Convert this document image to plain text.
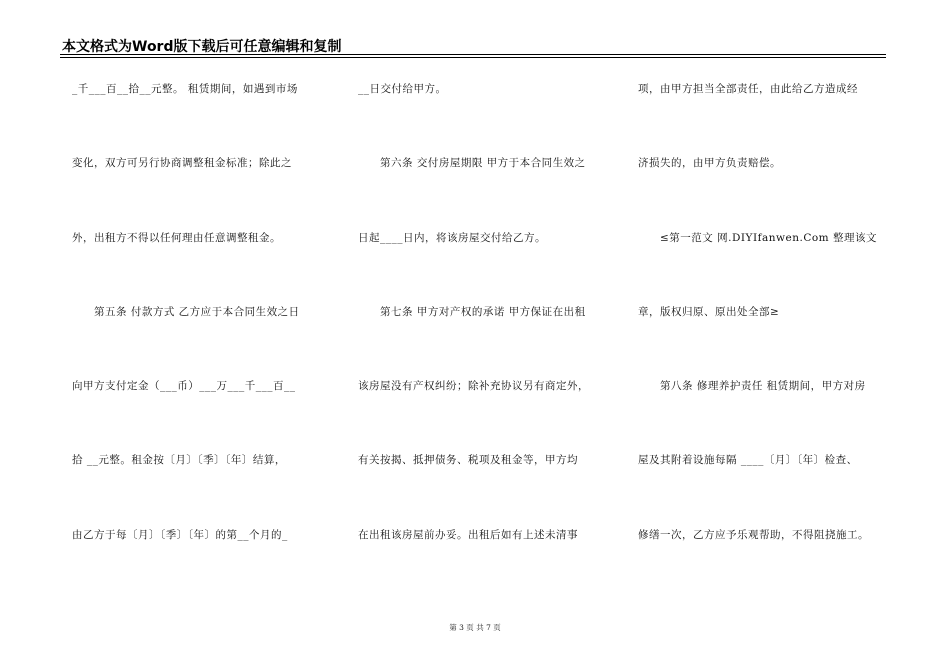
本文格式为Word版下载后可任意编辑和复制
_千___百__拾__元整。 租赁期间，如遇到市场
变化，双方可另行协商调整租金标准；除此之
外，出租方不得以任何理由任意调整租金。
　　第五条 付款方式 乙方应于本合同生效之日
向甲方支付定金（___币）___万___千___百__
拾 __元整。租金按〔月〕〔季〕〔年〕结算，
由乙方于每〔月〕〔季〕〔年〕的第__个月的_
__日交付给甲方。
　　第六条 交付房屋期限 甲方于本合同生效之
日起____日内，将该房屋交付给乙方。
　　第七条 甲方对产权的承诺 甲方保证在出租
该房屋没有产权纠纷；除补充协议另有商定外，
有关按揭、抵押债务、税项及租金等，甲方均
在出租该房屋前办妥。出租后如有上述未清事
项，由甲方担当全部责任，由此给乙方造成经
济损失的，由甲方负责赔偿。
　　≤第一范文 网.DIYIfanwen.Com 整理该文
章，版权归原、原出处全部≥
　　第八条 修理养护责任 租赁期间，甲方对房
屋及其附着设施每隔 ____〔月〕〔年〕检查、
修缮一次，乙方应予乐观帮助，不得阻挠施工。
第 3 页 共 7 页
